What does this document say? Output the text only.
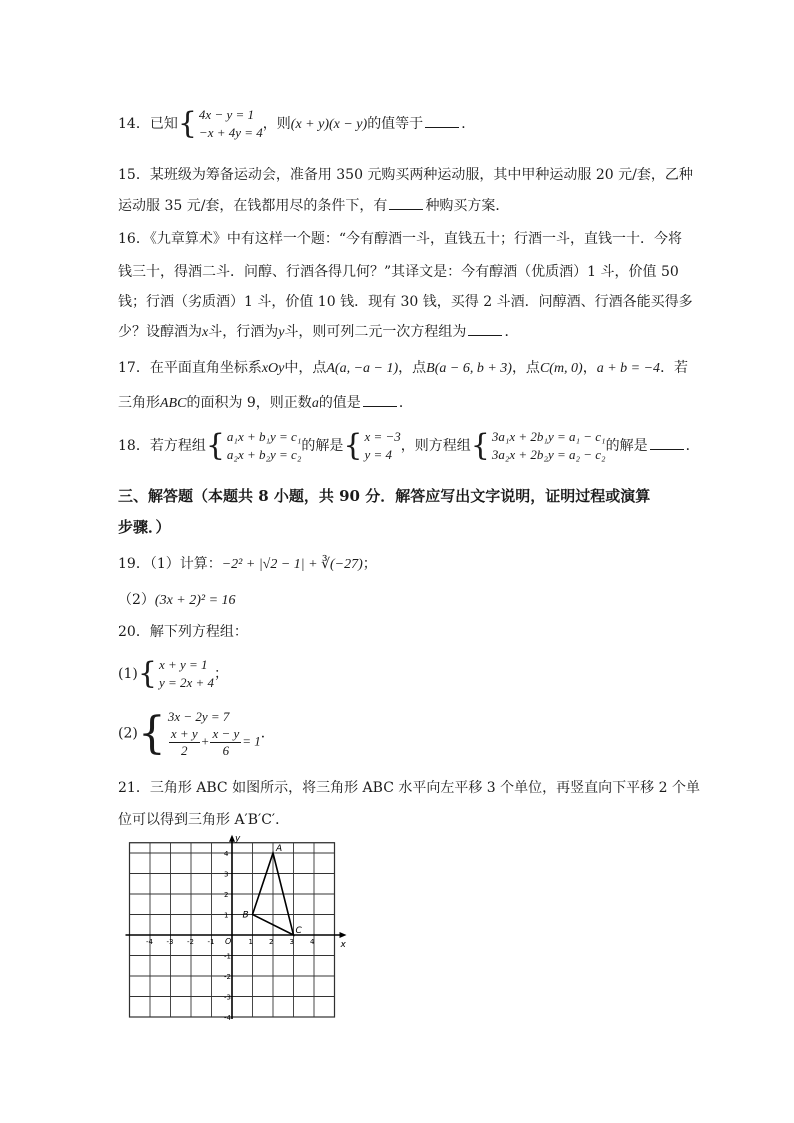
14．已知{ 4x − y = 1
−x + 4y = 4
，则(x + y)(x − y)的值等于	．
15．某班级为筹备运动会，准备用 350 元购买两种运动服，其中甲种运动服 20 元/套，乙种
运动服 35 元/套，在钱都用尽的条件下，有	种购买方案．
16．《九章算术》中有这样一个题：“今有醇酒一斗，直钱五十；行酒一斗，直钱一十．今将
钱三十，得酒二斗．问醇、行酒各得几何？”其译文是：今有醇酒（优质酒）1 斗，价值 50
钱；行酒（劣质酒）1 斗，价值 10 钱．现有 30 钱，买得 2 斗酒．问醇酒、行酒各能买得多
少？设醇酒为x斗，行酒为y斗，则可列二元一次方程组为	．
17．在平面直角坐标系xOy中，点A(a, −a − 1)，点B(a − 6, b + 3)，点C(m, 0)，a + b = −4．若
三角形ABC的面积为 9，则正数a的值是	．
18．若方程组{ a₁x + b₁y = c₁
a₂x + b₂y = c₂
的解是{ x = −3
y = 4
，则方程组{ 3a₁x + 2b₁y = a₁ − c₁
3a₂x + 2b₂y = a₂ − c₂
的解是	．
三、解答题（本题共 8 小题，共 90 分．解答应写出文字说明，证明过程或演算
步骤．）
19．（1）计算：−2² + |√2 − 1| + ∛(−27)；
（2）(3x + 2)² = 16
20．解下列方程组：
(1){ x + y = 1
y = 2x + 4
；
(2){ 3x − 2y = 7
$\frac{x + y}{2} + \frac{x - y}{6} = 1$ ．
21．三角形 ABC 如图所示，将三角形 ABC 水平向左平移 3 个单位，再竖直向下平移 2 个单
位可以得到三角形 A′B′C′．
x
y
O
-4 -3 -2 -1	1 2 3 4
4
3
2
1
-1
-2
-3
-4
A
B
C
